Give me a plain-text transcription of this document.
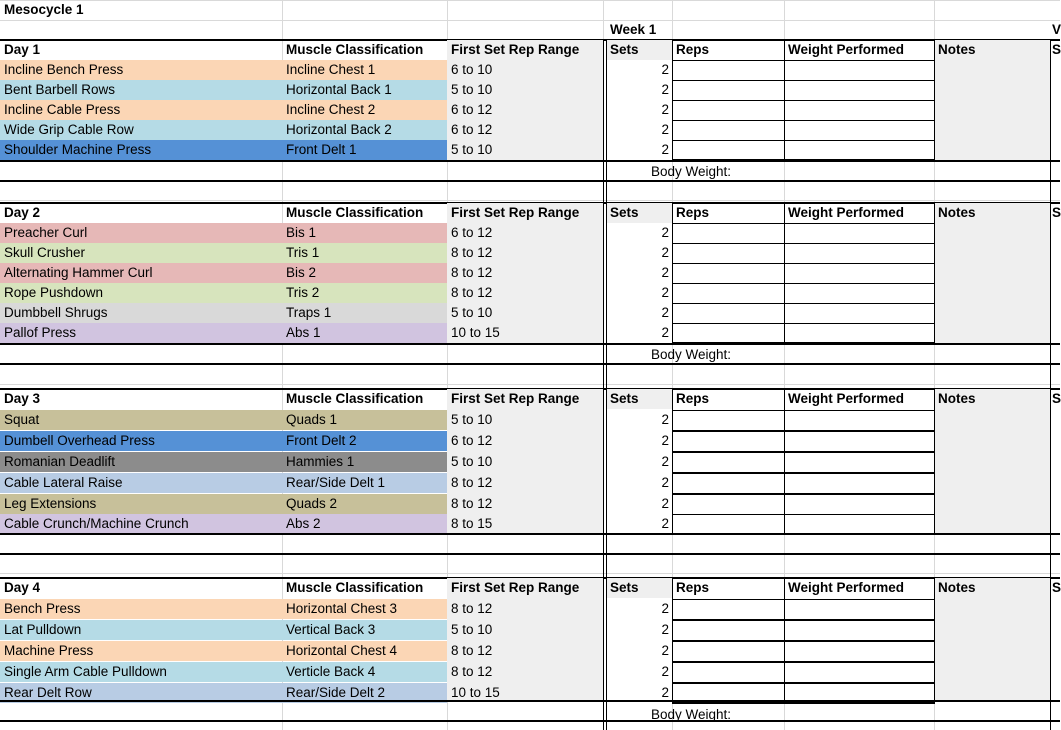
Mesocycle 1
Week 1	V
Day 1	Muscle Classification	First Set Rep Range	Sets	Reps	Weight Performed	Notes	S
Incline Bench Press	Incline Chest 1	6 to 10	2
Bent Barbell Rows	Horizontal Back 1	5 to 10	2
Incline Cable Press	Incline Chest 2	6 to 12	2
Wide Grip Cable Row	Horizontal Back 2	6 to 12	2
Shoulder Machine Press	Front Delt 1	5 to 10	2
Body Weight:
Day 2	Muscle Classification	First Set Rep Range	Sets	Reps	Weight Performed	Notes	S
Preacher Curl	Bis 1	6 to 12	2
Skull Crusher	Tris 1	8 to 12	2
Alternating Hammer Curl	Bis 2	8 to 12	2
Rope Pushdown	Tris 2	8 to 12	2
Dumbbell Shrugs	Traps 1	5 to 10	2
Pallof Press	Abs 1	10 to 15	2
Body Weight:
Day 3	Muscle Classification	First Set Rep Range	Sets	Reps	Weight Performed	Notes	S
Squat	Quads 1	5 to 10	2
Dumbell Overhead Press	Front Delt 2	6 to 12	2
Romanian Deadlift	Hammies 1	5 to 10	2
Cable Lateral Raise	Rear/Side Delt 1	8 to 12	2
Leg Extensions	Quads 2	8 to 12	2
Cable Crunch/Machine Crunch	Abs 2	8 to 15	2
Day 4	Muscle Classification	First Set Rep Range	Sets	Reps	Weight Performed	Notes	S
Bench Press	Horizontal Chest 3	8 to 12	2
Lat Pulldown	Vertical Back 3	5 to 10	2
Machine Press	Horizontal Chest 4	8 to 12	2
Single Arm Cable Pulldown	Verticle Back 4	8 to 12	2
Rear Delt Row	Rear/Side Delt 2	10 to 15	2
Body Weight:
